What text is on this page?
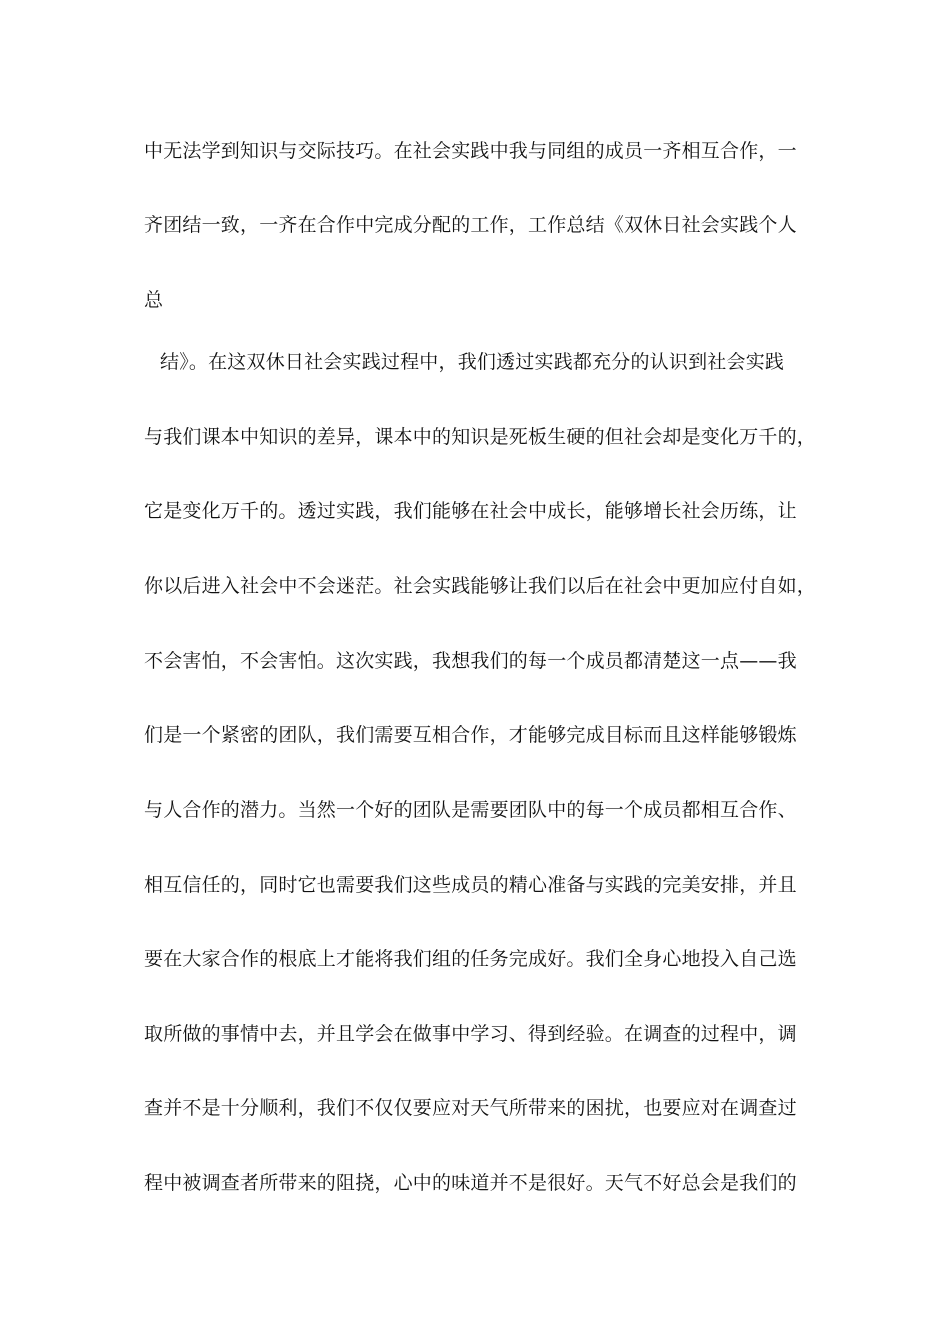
中无法学到知识与交际技巧。在社会实践中我与同组的成员一齐相互合作，一
齐团结一致，一齐在合作中完成分配的工作，工作总结《双休日社会实践个人
总
结》。在这双休日社会实践过程中，我们透过实践都充分的认识到社会实践
与我们课本中知识的差异，课本中的知识是死板生硬的但社会却是变化万千的，
它是变化万千的。透过实践，我们能够在社会中成长，能够增长社会历练，让
你以后进入社会中不会迷茫。社会实践能够让我们以后在社会中更加应付自如，
不会害怕，不会害怕。这次实践，我想我们的每一个成员都清楚这一点——我
们是一个紧密的团队，我们需要互相合作，才能够完成目标而且这样能够锻炼
与人合作的潜力。当然一个好的团队是需要团队中的每一个成员都相互合作、
相互信任的，同时它也需要我们这些成员的精心准备与实践的完美安排，并且
要在大家合作的根底上才能将我们组的任务完成好。我们全身心地投入自己选
取所做的事情中去，并且学会在做事中学习、得到经验。在调查的过程中，调
查并不是十分顺利，我们不仅仅要应对天气所带来的困扰，也要应对在调查过
程中被调查者所带来的阻挠，心中的味道并不是很好。天气不好总会是我们的
